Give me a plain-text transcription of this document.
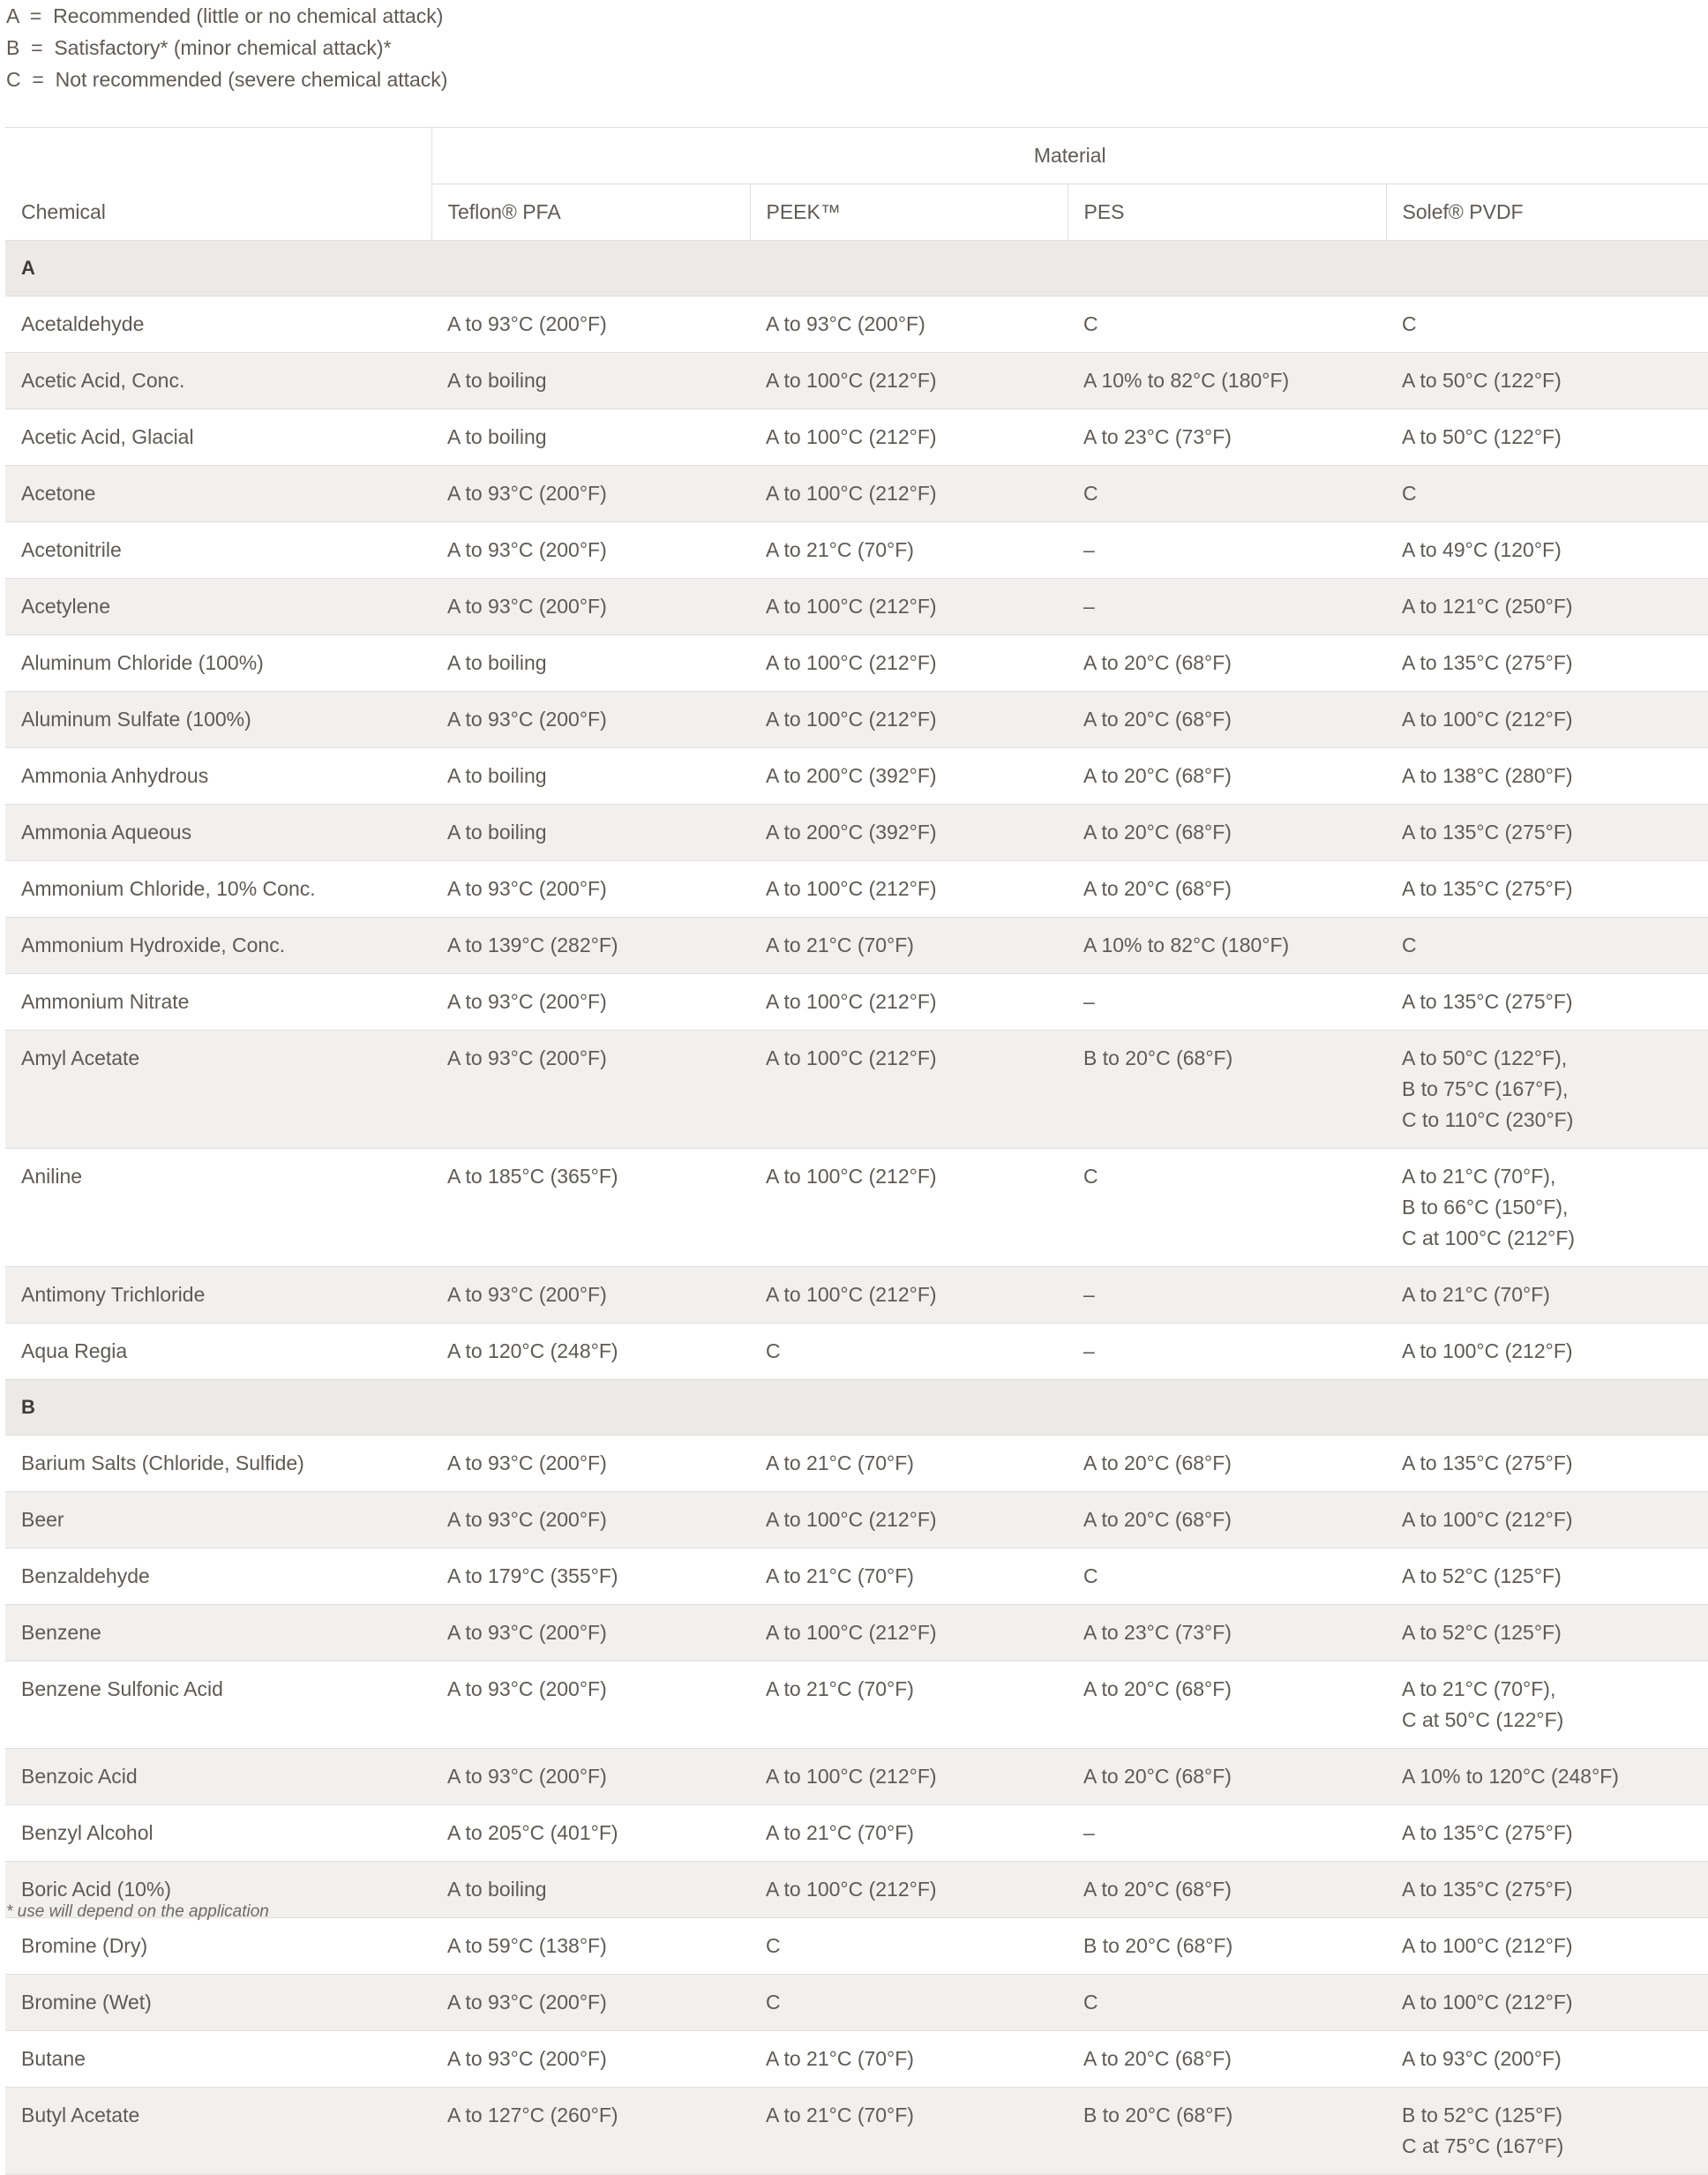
A = Recommended (little or no chemical attack)
B = Satisfactory* (minor chemical attack)*
C = Not recommended (severe chemical attack)
Chemical	Material			
	Teflon® PFA	PEEK™	PES	Solef® PVDF
A				
Acetaldehyde	A to 93°C (200°F)	A to 93°C (200°F)	C	C

Acetic Acid, Conc.	A to boiling	A to 100°C (212°F)	A 10% to 82°C (180°F)	A to 50°C (122°F)

Acetic Acid, Glacial	A to boiling	A to 100°C (212°F)	A to 23°C (73°F)	A to 50°C (122°F)

Acetone	A to 93°C (200°F)	A to 100°C (212°F)	C	C

Acetonitrile	A to 93°C (200°F)	A to 21°C (70°F)	–	A to 49°C (120°F)

Acetylene	A to 93°C (200°F)	A to 100°C (212°F)	–	A to 121°C (250°F)

Aluminum Chloride (100%)	A to boiling	A to 100°C (212°F)	A to 20°C (68°F)	A to 135°C (275°F)

Aluminum Sulfate (100%)	A to 93°C (200°F)	A to 100°C (212°F)	A to 20°C (68°F)	A to 100°C (212°F)

Ammonia Anhydrous	A to boiling	A to 200°C (392°F)	A to 20°C (68°F)	A to 138°C (280°F)

Ammonia Aqueous	A to boiling	A to 200°C (392°F)	A to 20°C (68°F)	A to 135°C (275°F)

Ammonium Chloride, 10% Conc.	A to 93°C (200°F)	A to 100°C (212°F)	A to 20°C (68°F)	A to 135°C (275°F)

Ammonium Hydroxide, Conc.	A to 139°C (282°F)	A to 21°C (70°F)	A 10% to 82°C (180°F)	C

Ammonium Nitrate	A to 93°C (200°F)	A to 100°C (212°F)	–	A to 135°C (275°F)

Amyl Acetate	A to 93°C (200°F)	A to 100°C (212°F)	B to 20°C (68°F)	A to 50°C (122°F),
B to 75°C (167°F),
C to 110°C (230°F)

Aniline	A to 185°C (365°F)	A to 100°C (212°F)	C	A to 21°C (70°F),
B to 66°C (150°F),
C at 100°C (212°F)

Antimony Trichloride	A to 93°C (200°F)	A to 100°C (212°F)	–	A to 21°C (70°F)

Aqua Regia	A to 120°C (248°F)	C	–	A to 100°C (212°F)

B				
Barium Salts (Chloride, Sulfide)	A to 93°C (200°F)	A to 21°C (70°F)	A to 20°C (68°F)	A to 135°C (275°F)

Beer	A to 93°C (200°F)	A to 100°C (212°F)	A to 20°C (68°F)	A to 100°C (212°F)

Benzaldehyde	A to 179°C (355°F)	A to 21°C (70°F)	C	A to 52°C (125°F)

Benzene	A to 93°C (200°F)	A to 100°C (212°F)	A to 23°C (73°F)	A to 52°C (125°F)

Benzene Sulfonic Acid	A to 93°C (200°F)	A to 21°C (70°F)	A to 20°C (68°F)	A to 21°C (70°F),
C at 50°C (122°F)

Benzoic Acid	A to 93°C (200°F)	A to 100°C (212°F)	A to 20°C (68°F)	A 10% to 120°C (248°F)

Benzyl Alcohol	A to 205°C (401°F)	A to 21°C (70°F)	–	A to 135°C (275°F)

Boric Acid (10%)	A to boiling	A to 100°C (212°F)	A to 20°C (68°F)	A to 135°C (275°F)

Bromine (Dry)	A to 59°C (138°F)	C	B to 20°C (68°F)	A to 100°C (212°F)

Bromine (Wet)	A to 93°C (200°F)	C	C	A to 100°C (212°F)

Butane	A to 93°C (200°F)	A to 21°C (70°F)	A to 20°C (68°F)	A to 93°C (200°F)

Butyl Acetate	A to 127°C (260°F)	A to 21°C (70°F)	B to 20°C (68°F)	B to 52°C (125°F)
C at 75°C (167°F)
* use will depend on the application
